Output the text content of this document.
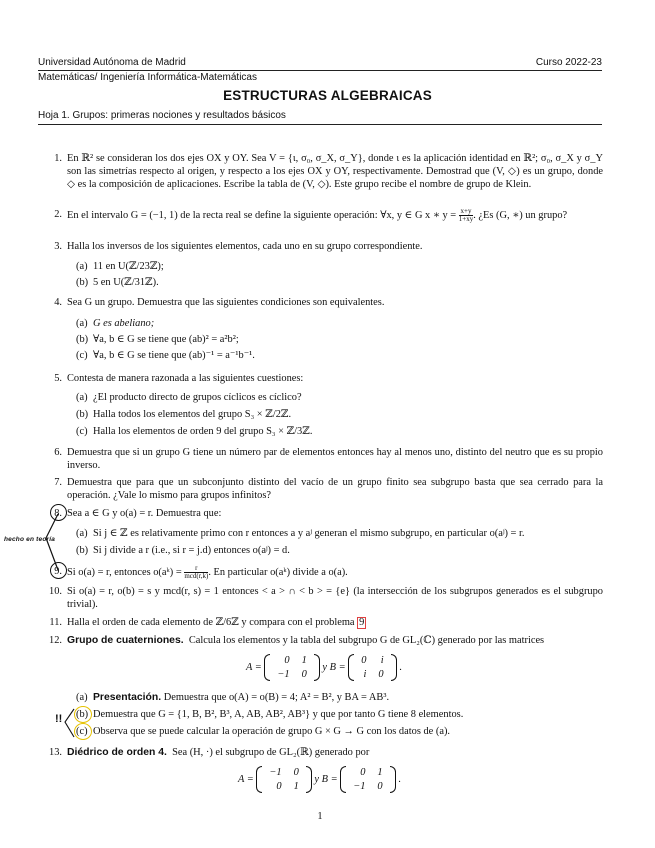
Universidad Autónoma de Madrid	Curso 2022-23
Matemáticas/ Ingeniería Informática-Matemáticas
ESTRUCTURAS ALGEBRAICAS
Hoja 1. Grupos: primeras nociones y resultados básicos
1. En ℝ² se consideran los dos ejes OX y OY. Sea V = {ι, σ₀, σ_X, σ_Y}, donde ι es la aplicación identidad en ℝ²; σ₀, σ_X y σ_Y son las simetrías respecto al origen, y respecto a los ejes OX y OY, respectivamente. Demostrad que (V, ◇) es un grupo, donde ◇ es la composición de aplicaciones. Escribe la tabla de (V, ◇). Este grupo recibe el nombre de grupo de Klein.
2. En el intervalo G = (−1, 1) de la recta real se define la siguiente operación: ∀x, y ∈ G x ∗ $y = \frac{x+y}{1+xy}$ . ¿Es (G, ∗) un grupo?
3. Halla los inversos de los siguientes elementos, cada uno en su grupo correspondiente.
(a) 11 en U(ℤ/23ℤ);
(b) 5 en U(ℤ/31ℤ).
4. Sea G un grupo. Demuestra que las siguientes condiciones son equivalentes.
(a) G es abeliano;
(b) ∀a, b ∈ G se tiene que (ab)² = a²b²;
(c) ∀a, b ∈ G se tiene que (ab)⁻¹ = a⁻¹b⁻¹.
5. Contesta de manera razonada a las siguientes cuestiones:
(a) ¿El producto directo de grupos cíclicos es cíclico?
(b) Halla todos los elementos del grupo S₃ × ℤ/2ℤ.
(c) Halla los elementos de orden 9 del grupo S₃ × ℤ/3ℤ.
6. Demuestra que si un grupo G tiene un número par de elementos entonces hay al menos uno, distinto del neutro que es su propio inverso.
7. Demuestra que para que un subconjunto distinto del vacío de un grupo finito sea subgrupo basta que sea cerrado para la operación. ¿Vale lo mismo para grupos infinitos?
8. Sea a ∈ G y o(a) = r. Demuestra que:
(a) Si j ∈ ℤ es relativamente primo con r entonces a y aʲ generan el mismo subgrupo, en particular o(aʲ) = r.
(b) Si j divide a r (i.e., si r = j.d) entonces o(aʲ) = d.
hecho en teoría
9. Si o(a) = r, entonces o(aᵏ) = $\frac{r}{\text{mcd(r,k)}}$ . En particular o(aᵏ) divide a o(a).
10. Si o(a) = r, o(b) = s y mcd(r, s) = 1 entonces < a > ∩ < b > = {e} (la intersección de los subgrupos generados es el subgrupo trivial).
11. Halla el orden de cada elemento de ℤ/6ℤ y compara con el problema 9
12. Grupo de cuaterniones. Calcula los elementos y la tabla del subgrupo G de GL₂(ℂ) generado por las matrices
A =
0	1
−1	0
y B =
0	i
i	0
.
(a) Presentación. Demuestra que o(A) = o(B) = 4; A² = B², y BA = AB³.
(b) Demuestra que G = {1, B, B², B³, A, AB, AB², AB³} y que por tanto G tiene 8 elementos.
(c) Observa que se puede calcular la operación de grupo G × G → G con los datos de (a).
!!
13. Diédrico de orden 4. Sea (H, ·) el subgrupo de GL₂(ℝ) generado por
A =
−1	0
0	1
y B =
0	1
−1	0
.
1
